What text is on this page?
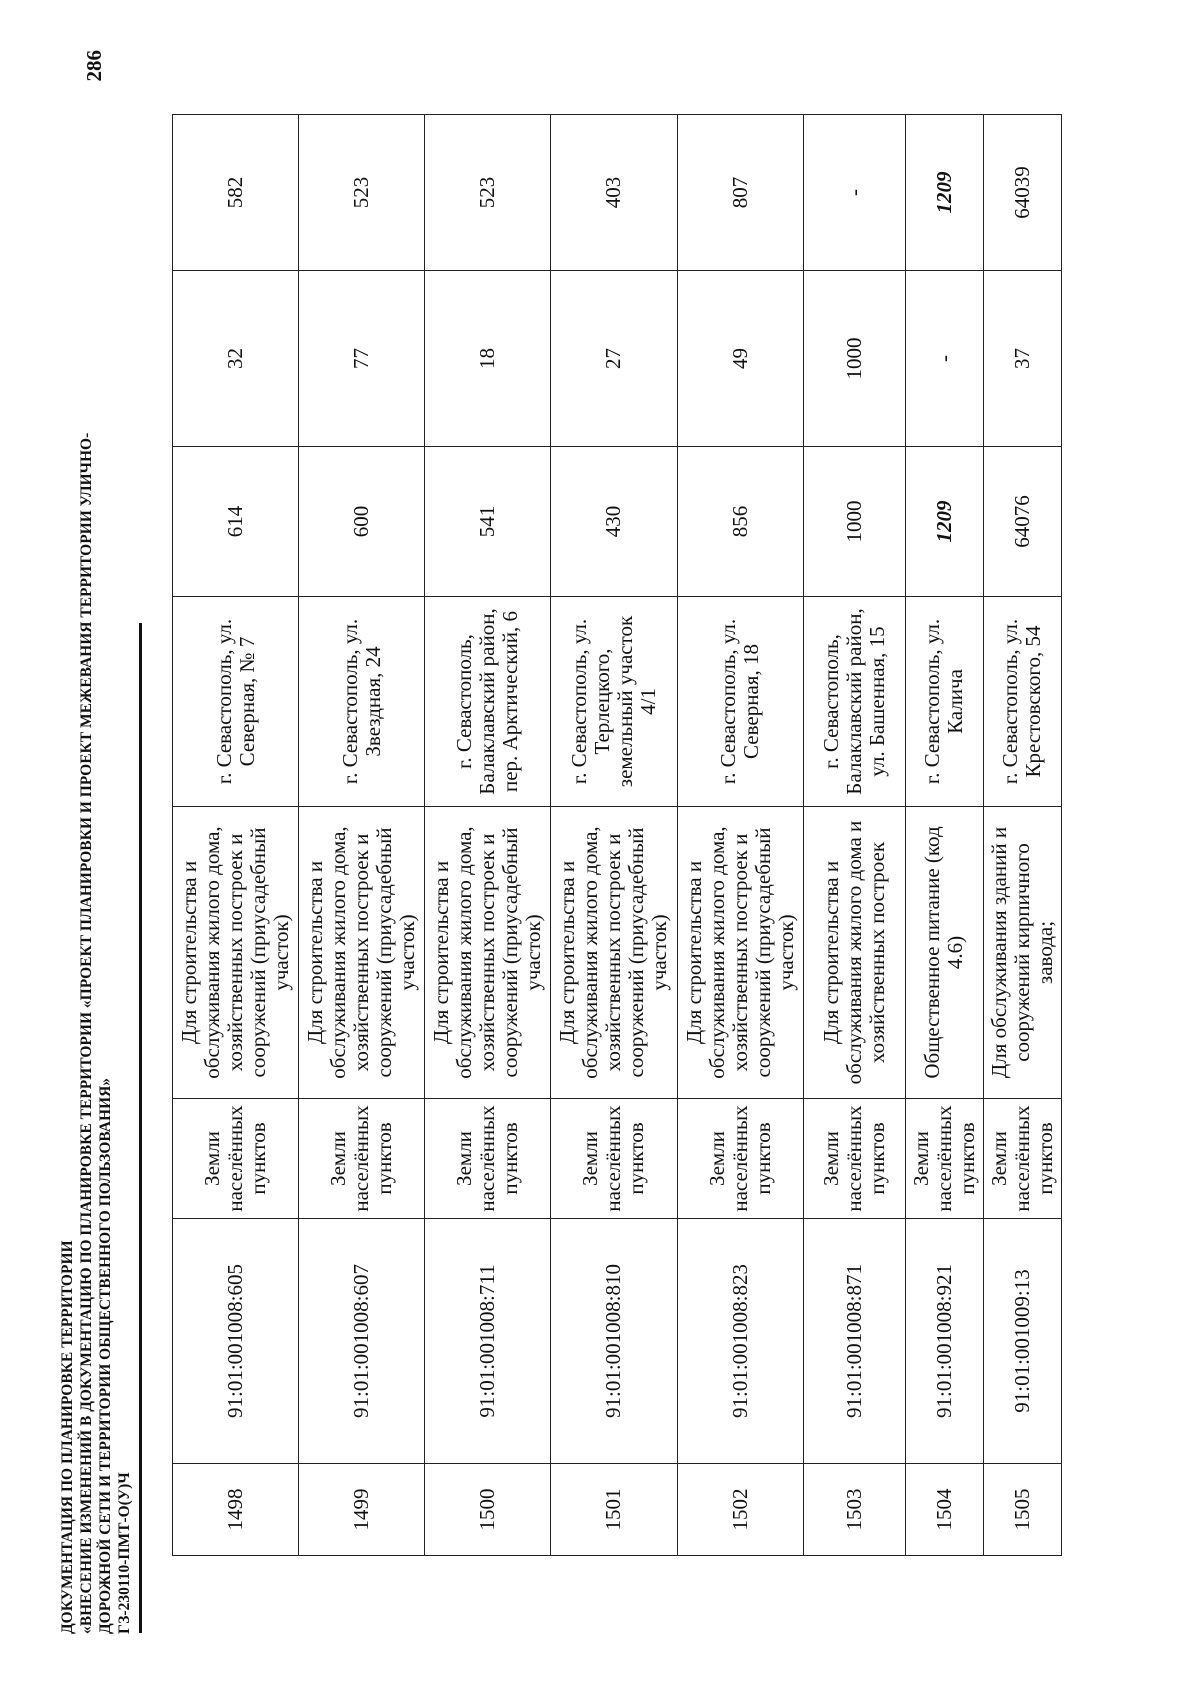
286

ДОКУМЕНТАЦИЯ ПО ПЛАНИРОВКЕ ТЕРРИТОРИИ «ВНЕСЕНИЕ ИЗМЕНЕНИЙ В ДОКУМЕНТАЦИЮ ПО ПЛАНИРОВКЕ ТЕРРИТОРИИ «ПРОЕКТ ПЛАНИРОВКИ И ПРОЕКТ МЕЖЕВАНИЯ ТЕРРИТОРИИ УЛИЧНО- ДОРОЖНОЙ СЕТИ И ТЕРРИТОРИИ ОБЩЕСТВЕННОГО ПОЛЬЗОВАНИЯ» ГЗ-230110-ПМТ-О(У)Ч	1498	91:01:001008:605	Земли населённых пунктов	Для строительства и обслуживания жилого дома, хозяйственных построек и сооружений (приусадебный участок)	г. Севастополь, ул. Северная, № 7	614	32	582
1499	91:01:001008:607	Земли населённых пунктов	Для строительства и обслуживания жилого дома, хозяйственных построек и сооружений (приусадебный участок)	г. Севастополь, ул. Звездная, 24	600	77	523
1500	91:01:001008:711	Земли населённых пунктов	Для строительства и обслуживания жилого дома, хозяйственных построек и сооружений (приусадебный участок)	г. Севастополь, Балаклавский район, пер. Арктический, 6	541	18	523
1501	91:01:001008:810	Земли населённых пунктов	Для строительства и обслуживания жилого дома, хозяйственных построек и сооружений (приусадебный участок)	г. Севастополь, ул. Терлецкого, земельный участок 4/1	430	27	403
1502	91:01:001008:823	Земли населённых пунктов	Для строительства и обслуживания жилого дома, хозяйственных построек и сооружений (приусадебный участок)	г. Севастополь, ул. Северная, 18	856	49	807
1503	91:01:001008:871	Земли населённых пунктов	Для строительства и обслуживания жилого дома и хозяйственных построек	г. Севастополь, Балаклавский район, ул. Башенная, 15	1000	1000	-
1504	91:01:001008:921	Земли населённых пунктов	Общественное питание (код 4.6)	г. Севастополь, ул. Калича	1209	-	1209
1505	91:01:001009:13	Земли населённых пунктов	Для обслуживания зданий и сооружений кирпичного завода;	г. Севастополь, ул. Крестовского, 54	64076	37	64039
